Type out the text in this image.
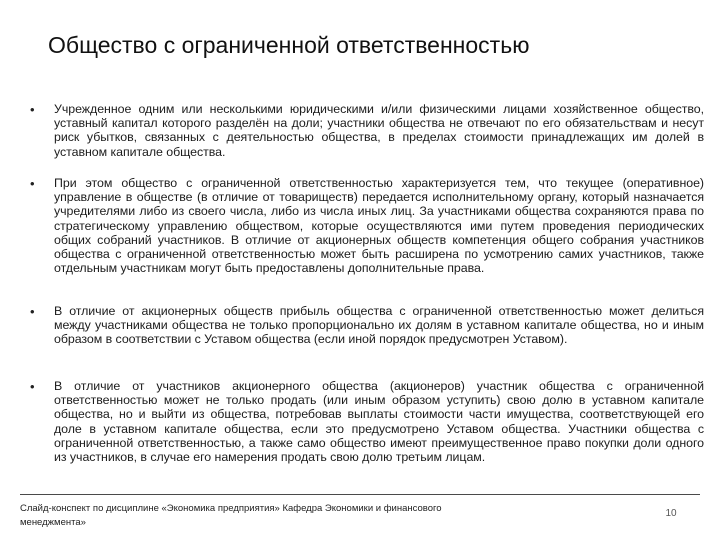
Общество с ограниченной ответственностью
• Учрежденное одним или несколькими юридическими и/или физическими лицами хозяйственное общество, уставный капитал которого разделён на доли; участники общества не отвечают по его обязательствам и несут риск убытков, связанных с деятельностью общества, в пределах стоимости принадлежащих им долей в уставном капитале общества.
• При этом общество с ограниченной ответственностью характеризуется тем, что текущее (оперативное) управление в обществе (в отличие от товариществ) передается исполнительному органу, который назначается учредителями либо из своего числа, либо из числа иных лиц. За участниками общества сохраняются права по стратегическому управлению обществом, которые осуществляются ими путем проведения периодических общих собраний участников. В отличие от акционерных обществ компетенция общего собрания участников общества с ограниченной ответственностью может быть расширена по усмотрению самих участников, также отдельным участникам могут быть предоставлены дополнительные права.
• В отличие от акционерных обществ прибыль общества с ограниченной ответственностью может делиться между участниками общества не только пропорционально их долям в уставном капитале общества, но и иным образом в соответствии с Уставом общества (если иной порядок предусмотрен Уставом).
• В отличие от участников акционерного общества (акционеров) участник общества с ограниченной ответственностью может не только продать (или иным образом уступить) свою долю в уставном капитале общества, но и выйти из общества, потребовав выплаты стоимости части имущества, соответствующей его доле в уставном капитале общества, если это предусмотрено Уставом общества. Участники общества с ограниченной ответственностью, а также само общество имеют преимущественное право покупки доли одного из участников, в случае его намерения продать свою долю третьим лицам.
Слайд-конспект по дисциплине «Экономика предприятия» Кафедра Экономики и финансового менеджмента»
10
